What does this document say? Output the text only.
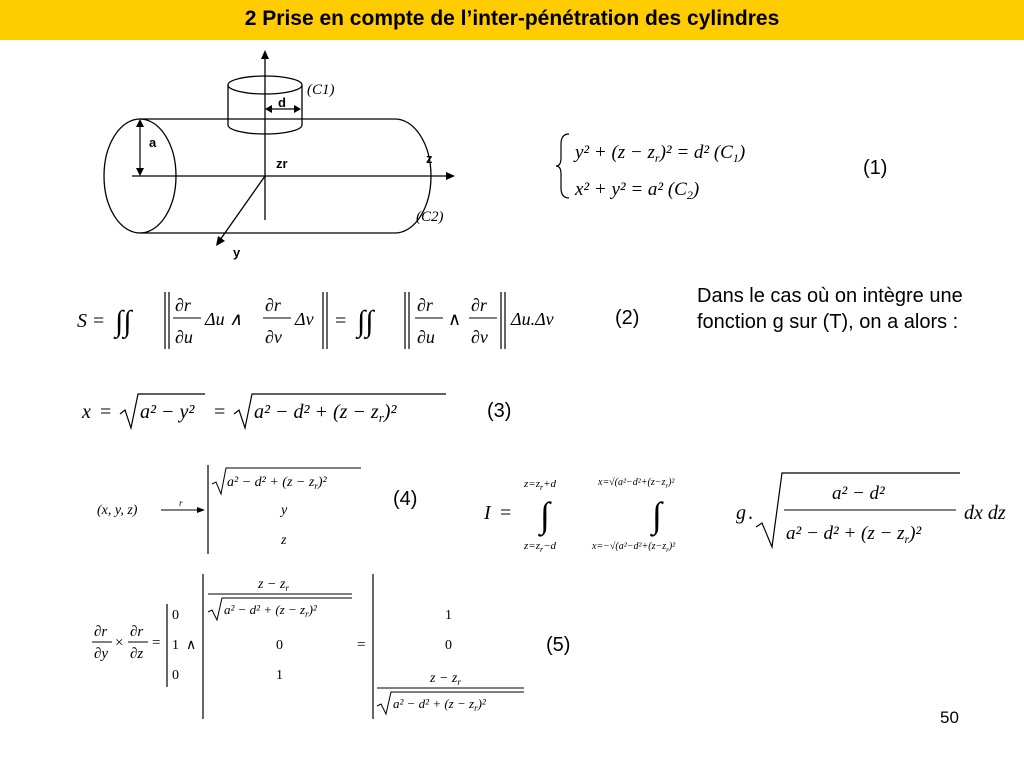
2 Prise en compte de l’inter-pénétration des cylindres
(C1)
(C2)
d
a
zr	z
y
$y^2 + (z - z_r)^2 = d^2$ $(C_1)$
x² + y² = a² $(C_2)$
(1)
Dans le cas où on intègre une fonction g sur (T), on a alors :
S = ∫∫ ∂r
∂u
Δu ∧
∂r
∂v
Δv = ∫∫ ∂r
∂u
∧
∂r
∂v
Δu.Δv	(2)
$x = a^2 - y^2 = a^2 - d^2 + (z - z_r)^2$	(3)
(x, y, z)	r
$a^2 - d^2 + (z - z_r)^2$
y
z
(4)
I =
$z=z_r+d$
∫
$z=z_r-d$
$x=√(a^2-d^2+(z-z_r)^2$
∫
$x=-√(a^2-d^2+(z-z_r)^2$
g .
a² − d²
$a^2 - d^2 + (z - z_r)^2$
dx dz
∂r
∂y
×
∂r
∂z
=
0
1
0
∧
$z - z_r$
$a^2 - d^2 + (z - z_r)^2$
0
1
=
1
0
$z - z_r$
$a^2 - d^2 + (z - z_r)^2$
(5)
50
